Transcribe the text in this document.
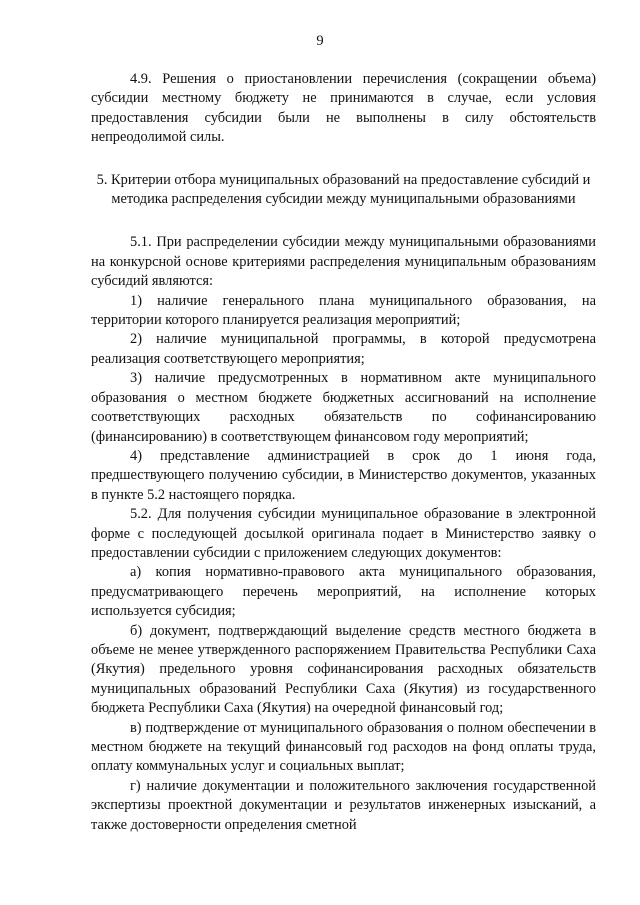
9

4.9. Решения о приостановлении перечисления (сокращении объема) субсидии местному бюджету не принимаются в случае, если условия предоставления субсидии были не выполнены в силу обстоятельств непреодолимой силы.

5. Критерии отбора муниципальных образований на предоставление субсидий и методика распределения субсидии между муниципальными образованиями

5.1. При распределении субсидии между муниципальными образованиями на конкурсной основе критериями распределения муниципальным образованиям субсидий являются:

1) наличие генерального плана муниципального образования, на территории которого планируется реализация мероприятий;

2) наличие муниципальной программы, в которой предусмотрена реализация соответствующего мероприятия;

3) наличие предусмотренных в нормативном акте муниципального образования о местном бюджете бюджетных ассигнований на исполнение соответствующих расходных обязательств по софинансированию (финансированию) в соответствующем финансовом году мероприятий;

4) представление администрацией в срок до 1 июня года, предшествующего получению субсидии, в Министерство документов, указанных в пункте 5.2 настоящего порядка.

5.2. Для получения субсидии муниципальное образование в электронной форме с последующей досылкой оригинала подает в Министерство заявку о предоставлении субсидии с приложением следующих документов:

а) копия нормативно-правового акта муниципального образования, предусматривающего перечень мероприятий, на исполнение которых используется субсидия;

б) документ, подтверждающий выделение средств местного бюджета в объеме не менее утвержденного распоряжением Правительства Республики Саха (Якутия) предельного уровня софинансирования расходных обязательств муниципальных образований Республики Саха (Якутия) из государственного бюджета Республики Саха (Якутия) на очередной финансовый год;

в) подтверждение от муниципального образования о полном обеспечении в местном бюджете на текущий финансовый год расходов на фонд оплаты труда, оплату коммунальных услуг и социальных выплат;

г) наличие документации и положительного заключения государственной экспертизы проектной документации и результатов инженерных изысканий, а также достоверности определения сметной
